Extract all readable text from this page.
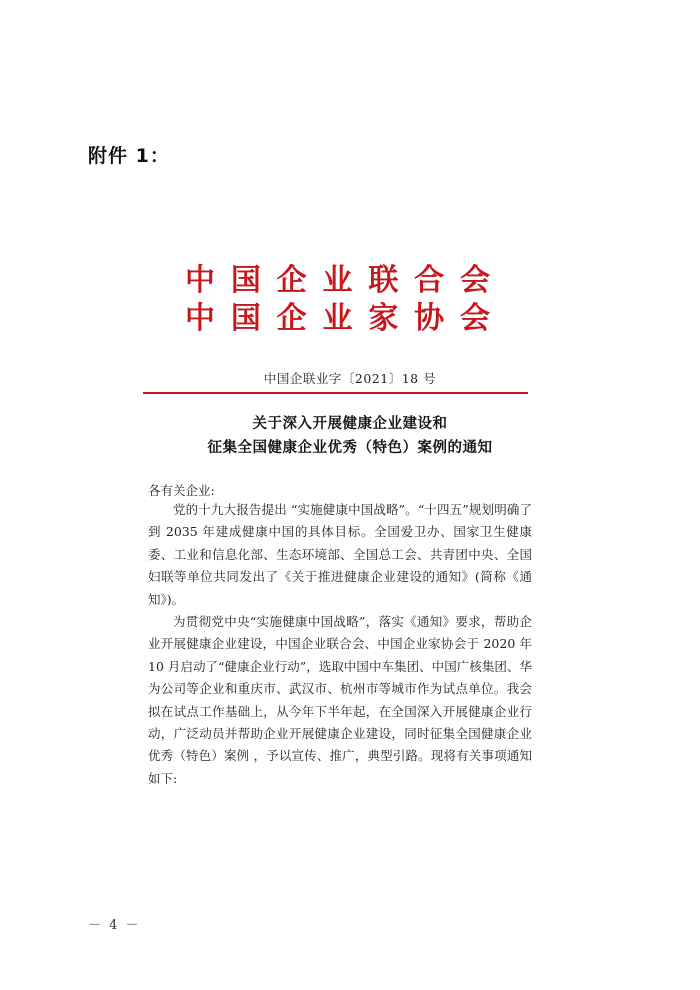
附件 1：
中国企业联合会
中国企业家协会
中国企联业字〔2021〕18 号
关于深入开展健康企业建设和
征集全国健康企业优秀（特色）案例的通知
各有关企业:

党的十九大报告提出 “实施健康中国战略”。“十四五”规划明确了到 2035 年建成健康中国的具体目标。全国爱卫办、国家卫生健康委、工业和信息化部、生态环境部、全国总工会、共青团中央、全国妇联等单位共同发出了《关于推进健康企业建设的通知》(简称《通知》)。

为贯彻党中央“实施健康中国战略”，落实《通知》要求，帮助企业开展健康企业建设，中国企业联合会、中国企业家协会于 2020 年 10 月启动了“健康企业行动”，选取中国中车集团、中国广核集团、华为公司等企业和重庆市、武汉市、杭州市等城市作为试点单位。我会拟在试点工作基础上，从今年下半年起，在全国深入开展健康企业行动，广泛动员并帮助企业开展健康企业建设，同时征集全国健康企业优秀（特色）案例 ，予以宣传、推广，典型引路。现将有关事项通知如下:

－ 4 －
